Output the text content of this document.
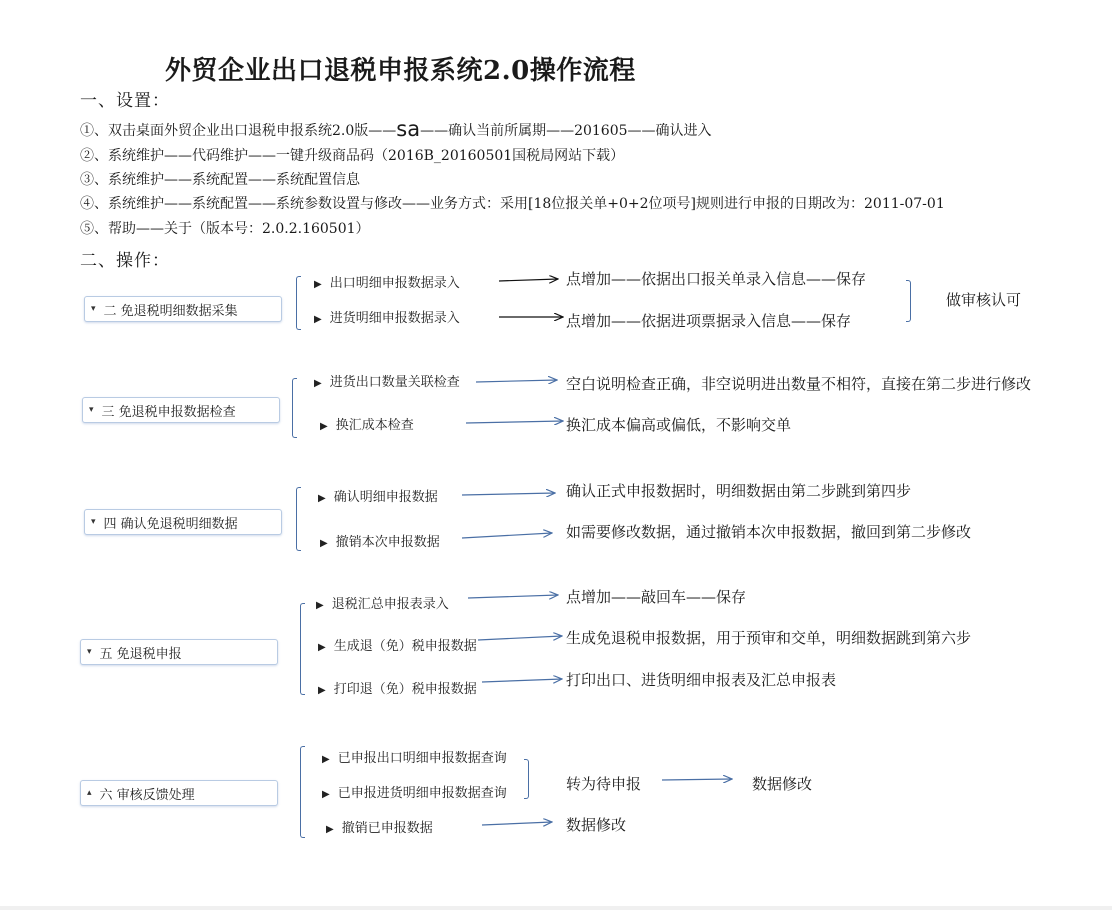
外贸企业出口退税申报系统2.0操作流程
一、设置：
①、双击桌面外贸企业出口退税申报系统2.0版——sa——确认当前所属期——201605——确认进入
②、系统维护——代码维护——一键升级商品码（2016B_20160501国税局网站下载）
③、系统维护——系统配置——系统配置信息
④、系统维护——系统配置——系统参数设置与修改——业务方式：采用[18位报关单+0+2位项号]规则进行申报的日期改为：2011-07-01
⑤、帮助——关于（版本号：2.0.2.160501）
二、操作：
▾ 二 免退税明细数据采集
▾ 三 免退税申报数据检查
▾ 四 确认免退税明细数据
▾ 五 免退税申报
▴ 六 审核反馈处理
▶ 出口明细申报数据录入
▶ 进货明细申报数据录入
▶ 进货出口数量关联检查
▶ 换汇成本检查
▶ 确认明细申报数据
▶ 撤销本次申报数据
▶ 退税汇总申报表录入
▶ 生成退（免）税申报数据
▶ 打印退（免）税申报数据
▶ 已申报出口明细申报数据查询
▶ 已申报进货明细申报数据查询
▶ 撤销已申报数据
点增加——依据出口报关单录入信息——保存
点增加——依据进项票据录入信息——保存
做审核认可
空白说明检查正确，非空说明进出数量不相符，直接在第二步进行修改
换汇成本偏高或偏低，不影响交单
确认正式申报数据时，明细数据由第二步跳到第四步
如需要修改数据，通过撤销本次申报数据，撤回到第二步修改
点增加——敲回车——保存
生成免退税申报数据，用于预审和交单，明细数据跳到第六步
打印出口、进货明细申报表及汇总申报表
转为待申报	数据修改
数据修改
